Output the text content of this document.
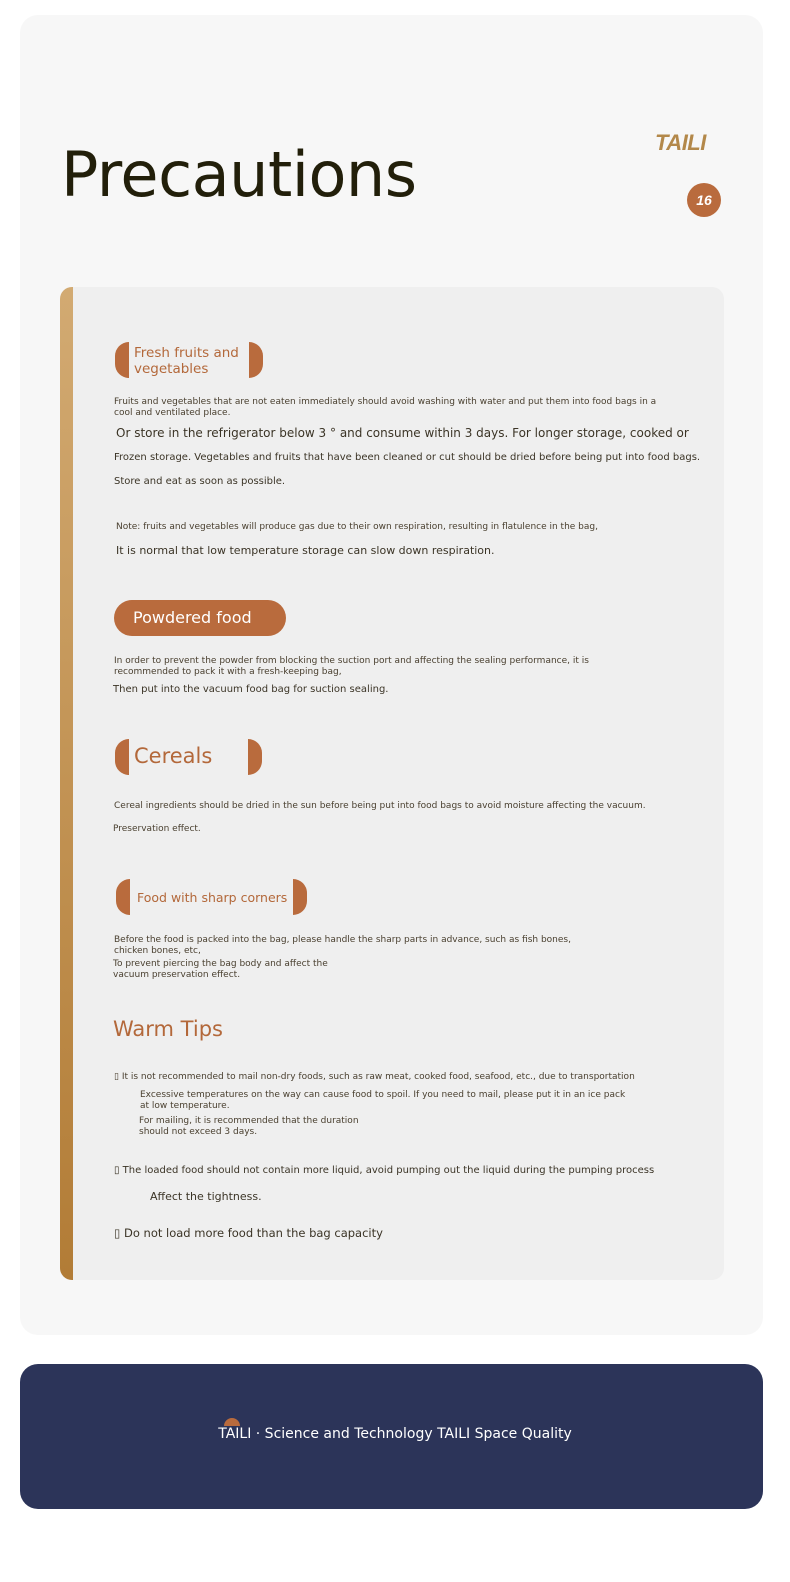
Precautions	TAILI
16

Fresh fruits and vegetables

Fruits and vegetables that are not eaten immediately should avoid washing with water and put them into food bags in a cool and ventilated place.

Or store in the refrigerator below 3 ° and consume within 3 days. For longer storage, cooked or

Frozen storage. Vegetables and fruits that have been cleaned or cut should be dried before being put into food bags.

Store and eat as soon as possible.

Note: fruits and vegetables will produce gas due to their own respiration, resulting in flatulence in the bag,

It is normal that low temperature storage can slow down respiration.

Powdered food

In order to prevent the powder from blocking the suction port and affecting the sealing performance, it is recommended to pack it with a fresh-keeping bag,

Then put into the vacuum food bag for suction sealing.

Cereals

Cereal ingredients should be dried in the sun before being put into food bags to avoid moisture affecting the vacuum.

Preservation effect.

Food with sharp corners

Before the food is packed into the bag, please handle the sharp parts in advance, such as fish bones, chicken bones, etc,

To prevent piercing the bag body and affect the vacuum preservation effect.

Warm Tips

▯ It is not recommended to mail non-dry foods, such as raw meat, cooked food, seafood, etc., due to transportation

Excessive temperatures on the way can cause food to spoil. If you need to mail, please put it in an ice pack at low temperature.

For mailing, it is recommended that the duration should not exceed 3 days.

▯ The loaded food should not contain more liquid, avoid pumping out the liquid during the pumping process

Affect the tightness.

▯ Do not load more food than the bag capacity

TAILI · Science and Technology TAILI Space Quality
